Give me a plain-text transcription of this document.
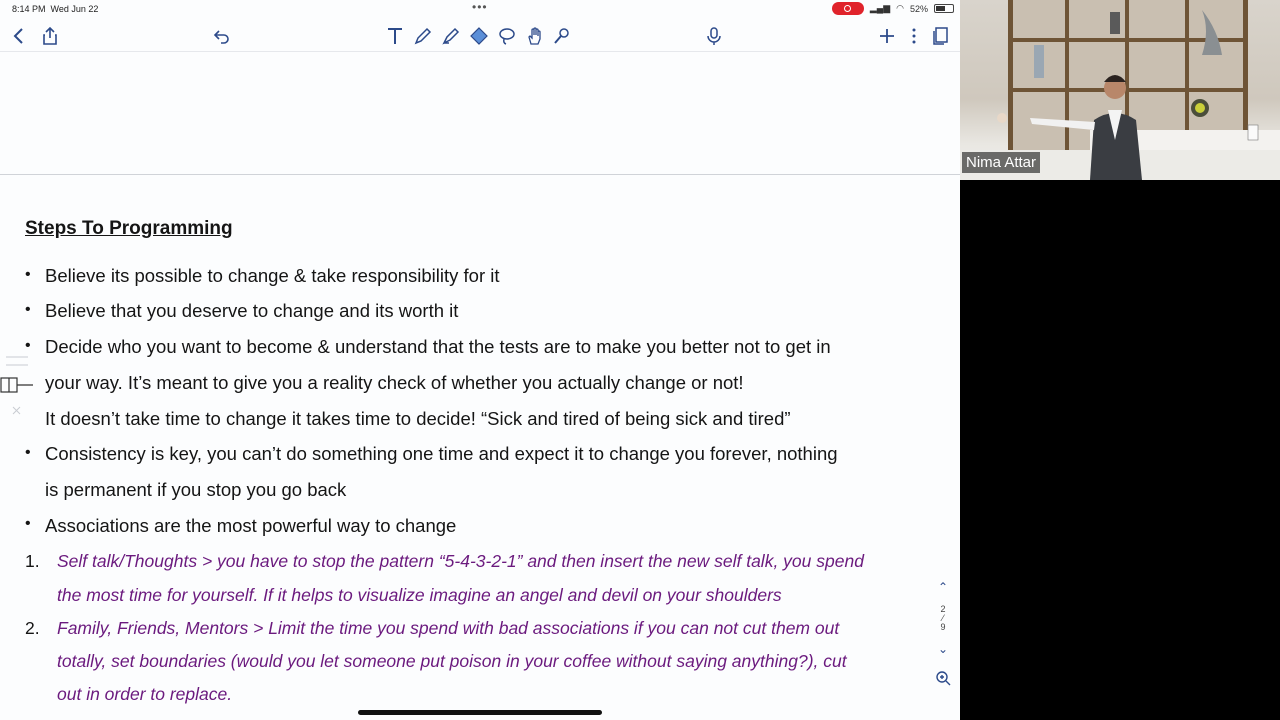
8:14 PM Wed Jun 22	•••	▂▄▆ ◠ 52%
Steps To Programming
• Believe its possible to change & take responsibility for it
• Believe that you deserve to change and its worth it
• Decide who you want to become & understand that the tests are to make you better not to get in
your way. It’s meant to give you a reality check of whether you actually change or not!
It doesn’t take time to change it takes time to decide! “Sick and tired of being sick and tired”
• Consistency is key, you can’t do something one time and expect it to change you forever, nothing
is permanent if you stop you go back
• Associations are the most powerful way to change
1. Self talk/Thoughts > you have to stop the pattern “5-4-3-2-1” and then insert the new self talk, you spend
the most time for yourself. If it helps to visualize imagine an angel and devil on your shoulders
2. Family, Friends, Mentors > Limit the time you spend with bad associations if you can not cut them out
totally, set boundaries (would you let someone put poison in your coffee without saying anything?), cut
out in order to replace.
⌃
2
⁄
9
⌄
Nima Attar
